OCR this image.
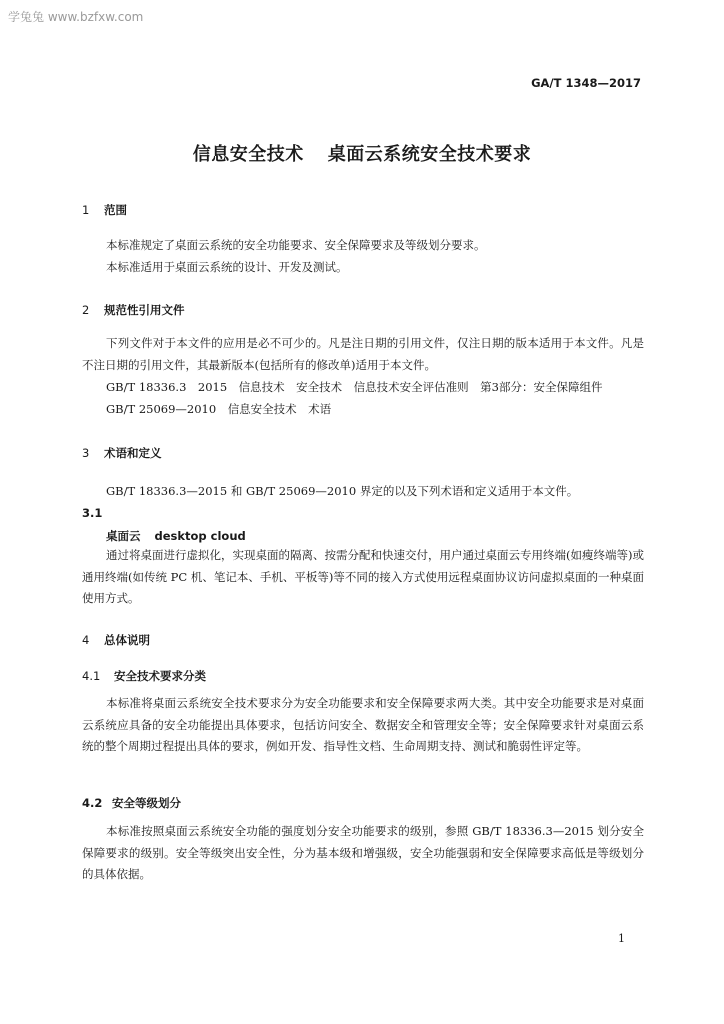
学兔兔 www.bzfxw.com
GA/T 1348—2017
信息安全技术 桌面云系统安全技术要求
1 范围
本标准规定了桌面云系统的安全功能要求、安全保障要求及等级划分要求。
本标准适用于桌面云系统的设计、开发及测试。
2 规范性引用文件
下列文件对于本文件的应用是必不可少的。凡是注日期的引用文件，仅注日期的版本适用于本文件。凡是不注日期的引用文件，其最新版本(包括所有的修改单)适用于本文件。
GB/T 18336.3　2015　信息技术　安全技术　信息技术安全评估准则　第3部分：安全保障组件
GB/T 25069—2010　信息安全技术　术语
3 术语和定义
GB/T 18336.3—2015 和 GB/T 25069—2010 界定的以及下列术语和定义适用于本文件。
3.1
桌面云 desktop cloud
通过将桌面进行虚拟化，实现桌面的隔离、按需分配和快速交付，用户通过桌面云专用终端(如瘦终端等)或通用终端(如传统 PC 机、笔记本、手机、平板等)等不同的接入方式使用远程桌面协议访问虚拟桌面的一种桌面使用方式。
4 总体说明
4.1 安全技术要求分类
本标准将桌面云系统安全技术要求分为安全功能要求和安全保障要求两大类。其中安全功能要求是对桌面云系统应具备的安全功能提出具体要求，包括访问安全、数据安全和管理安全等；安全保障要求针对桌面云系统的整个周期过程提出具体的要求，例如开发、指导性文档、生命周期支持、测试和脆弱性评定等。
4.2 安全等级划分
本标准按照桌面云系统安全功能的强度划分安全功能要求的级别，参照 GB/T 18336.3—2015 划分安全保障要求的级别。安全等级突出安全性，分为基本级和增强级，安全功能强弱和安全保障要求高低是等级划分的具体依据。
1
